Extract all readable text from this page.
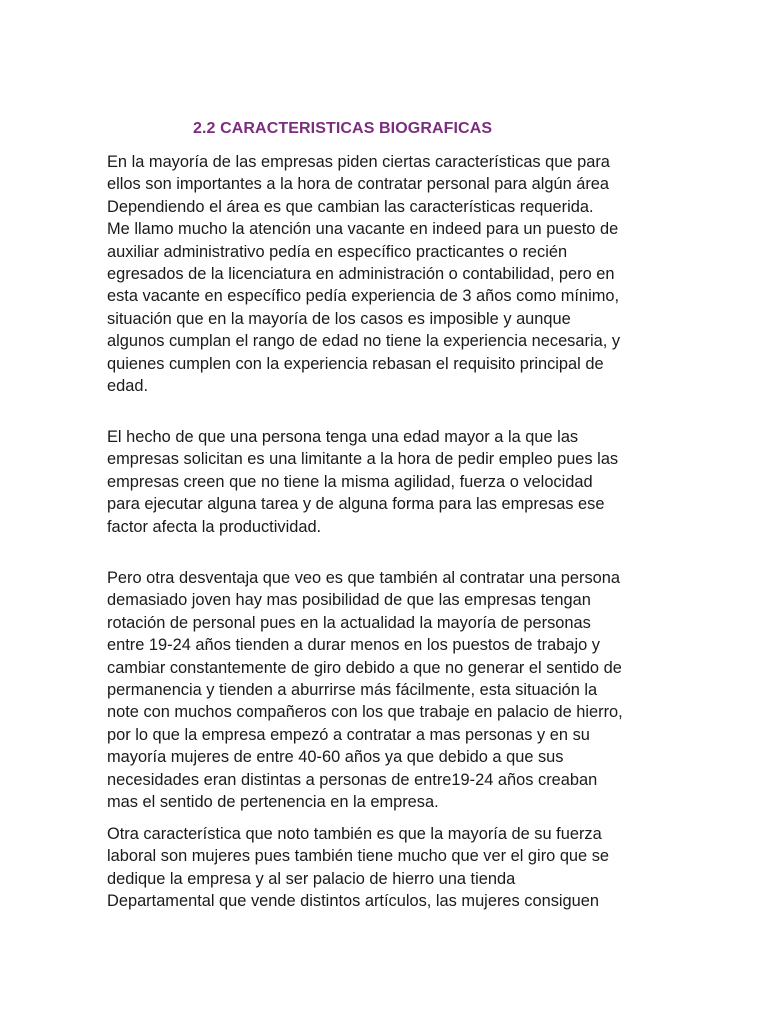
2.2 CARACTERISTICAS BIOGRAFICAS

En la mayoría de las empresas piden ciertas características que para
ellos son importantes a la hora de contratar personal para algún área
Dependiendo el área es que cambian las características requerida.
Me llamo mucho la atención una vacante en indeed para un puesto de
auxiliar administrativo pedía en específico practicantes o recién
egresados de la licenciatura en administración o contabilidad, pero en
esta vacante en específico pedía experiencia de 3 años como mínimo,
situación que en la mayoría de los casos es imposible y aunque
algunos cumplan el rango de edad no tiene la experiencia necesaria, y
quienes cumplen con la experiencia rebasan el requisito principal de
edad.

El hecho de que una persona tenga una edad mayor a la que las
empresas solicitan es una limitante a la hora de pedir empleo pues las
empresas creen que no tiene la misma agilidad, fuerza o velocidad
para ejecutar alguna tarea y de alguna forma para las empresas ese
factor afecta la productividad.

Pero otra desventaja que veo es que también al contratar una persona
demasiado joven hay mas posibilidad de que las empresas tengan
rotación de personal pues en la actualidad la mayoría de personas
entre 19-24 años tienden a durar menos en los puestos de trabajo y
cambiar constantemente de giro debido a que no generar el sentido de
permanencia y tienden a aburrirse más fácilmente, esta situación la
note con muchos compañeros con los que trabaje en palacio de hierro,
por lo que la empresa empezó a contratar a mas personas y en su
mayoría mujeres de entre 40-60 años ya que debido a que sus
necesidades eran distintas a personas de entre19-24 años creaban
mas el sentido de pertenencia en la empresa.

Otra característica que noto también es que la mayoría de su fuerza
laboral son mujeres pues también tiene mucho que ver el giro que se
dedique la empresa y al ser palacio de hierro una tienda
Departamental que vende distintos artículos, las mujeres consiguen
